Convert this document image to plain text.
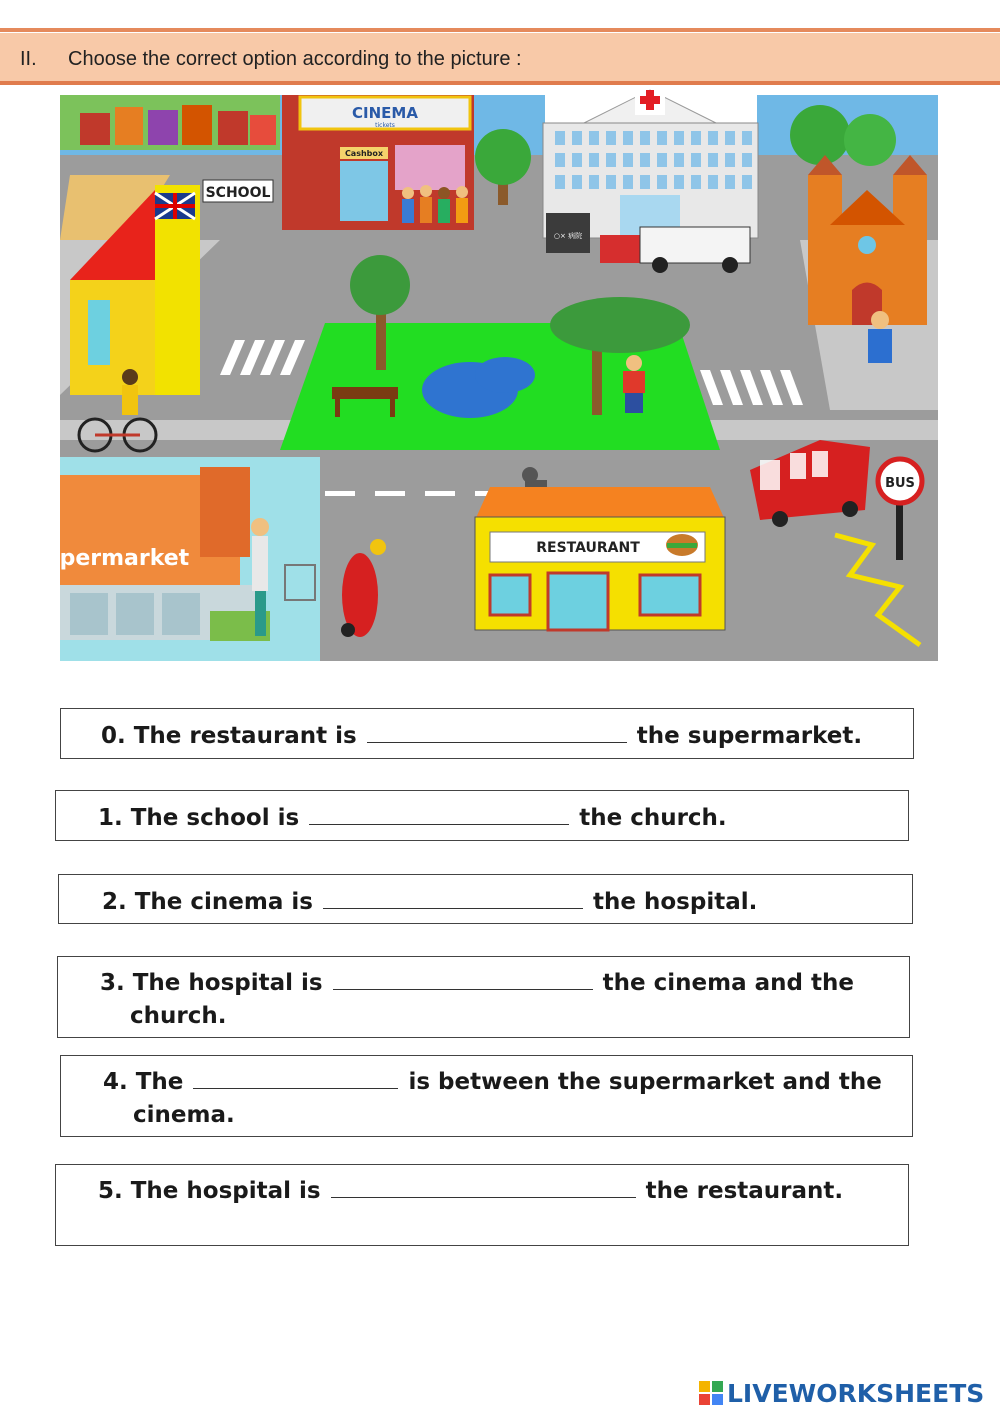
II. Choose the correct option according to the picture :
SCHOOL
CINEMA
tickets
Cashbox
○× 病院
supermarket	RESTAURANT
BUS
0. The restaurant is	the supermarket.
1. The school is	the church.
2. The cinema is	the hospital.
3. The hospital is	the cinema and the
church.
4. The	is between the supermarket and the
cinema.
5. The hospital is	the restaurant.
LIVEWORKSHEETS
